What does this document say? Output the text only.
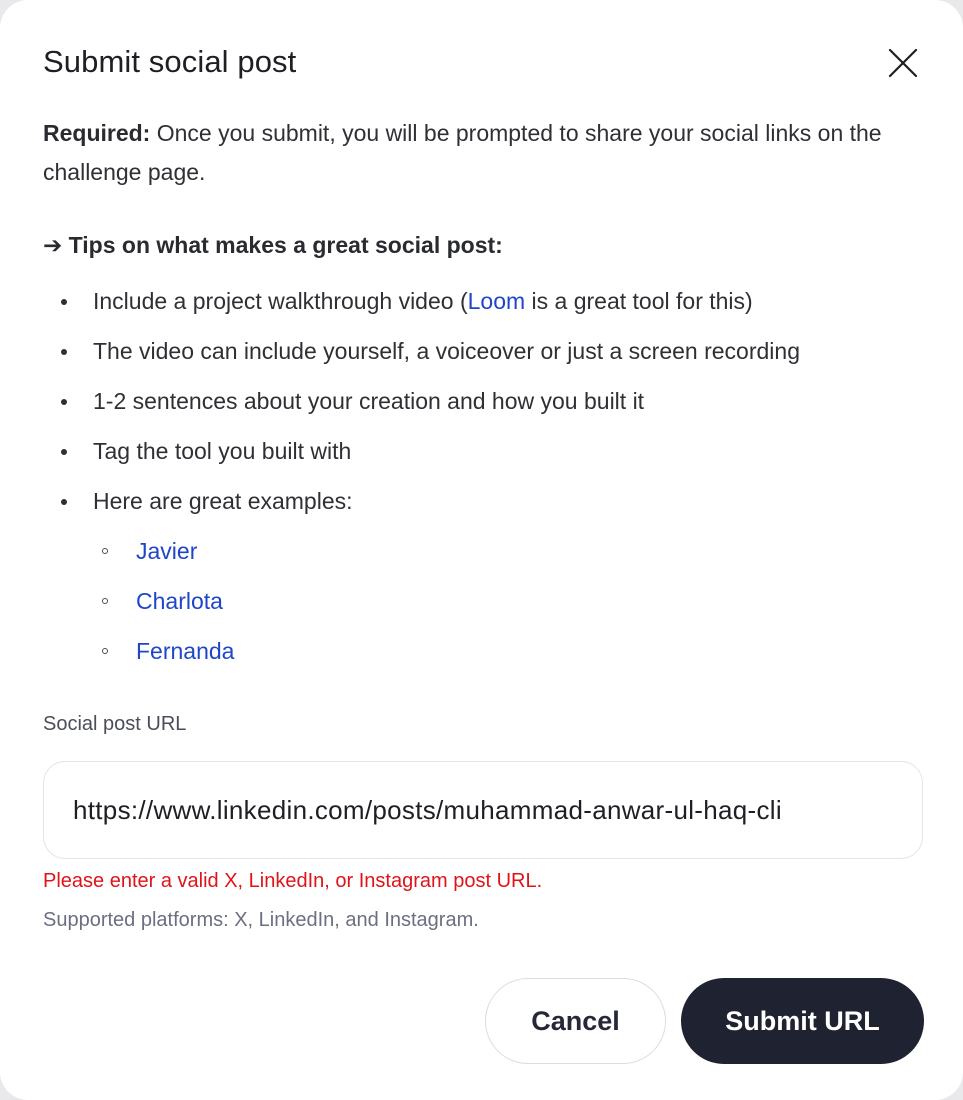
Submit social post
Required: Once you submit, you will be prompted to share your social links on the challenge page.
➔ Tips on what makes a great social post:
Include a project walkthrough video (Loom is a great tool for this)
The video can include yourself, a voiceover or just a screen recording
1-2 sentences about your creation and how you built it
Tag the tool you built with
Here are great examples:
Javier
Charlota
Fernanda
Social post URL
https://www.linkedin.com/posts/muhammad-anwar-ul-haq-cli
Please enter a valid X, LinkedIn, or Instagram post URL.
Supported platforms: X, LinkedIn, and Instagram.
Cancel	Submit URL
